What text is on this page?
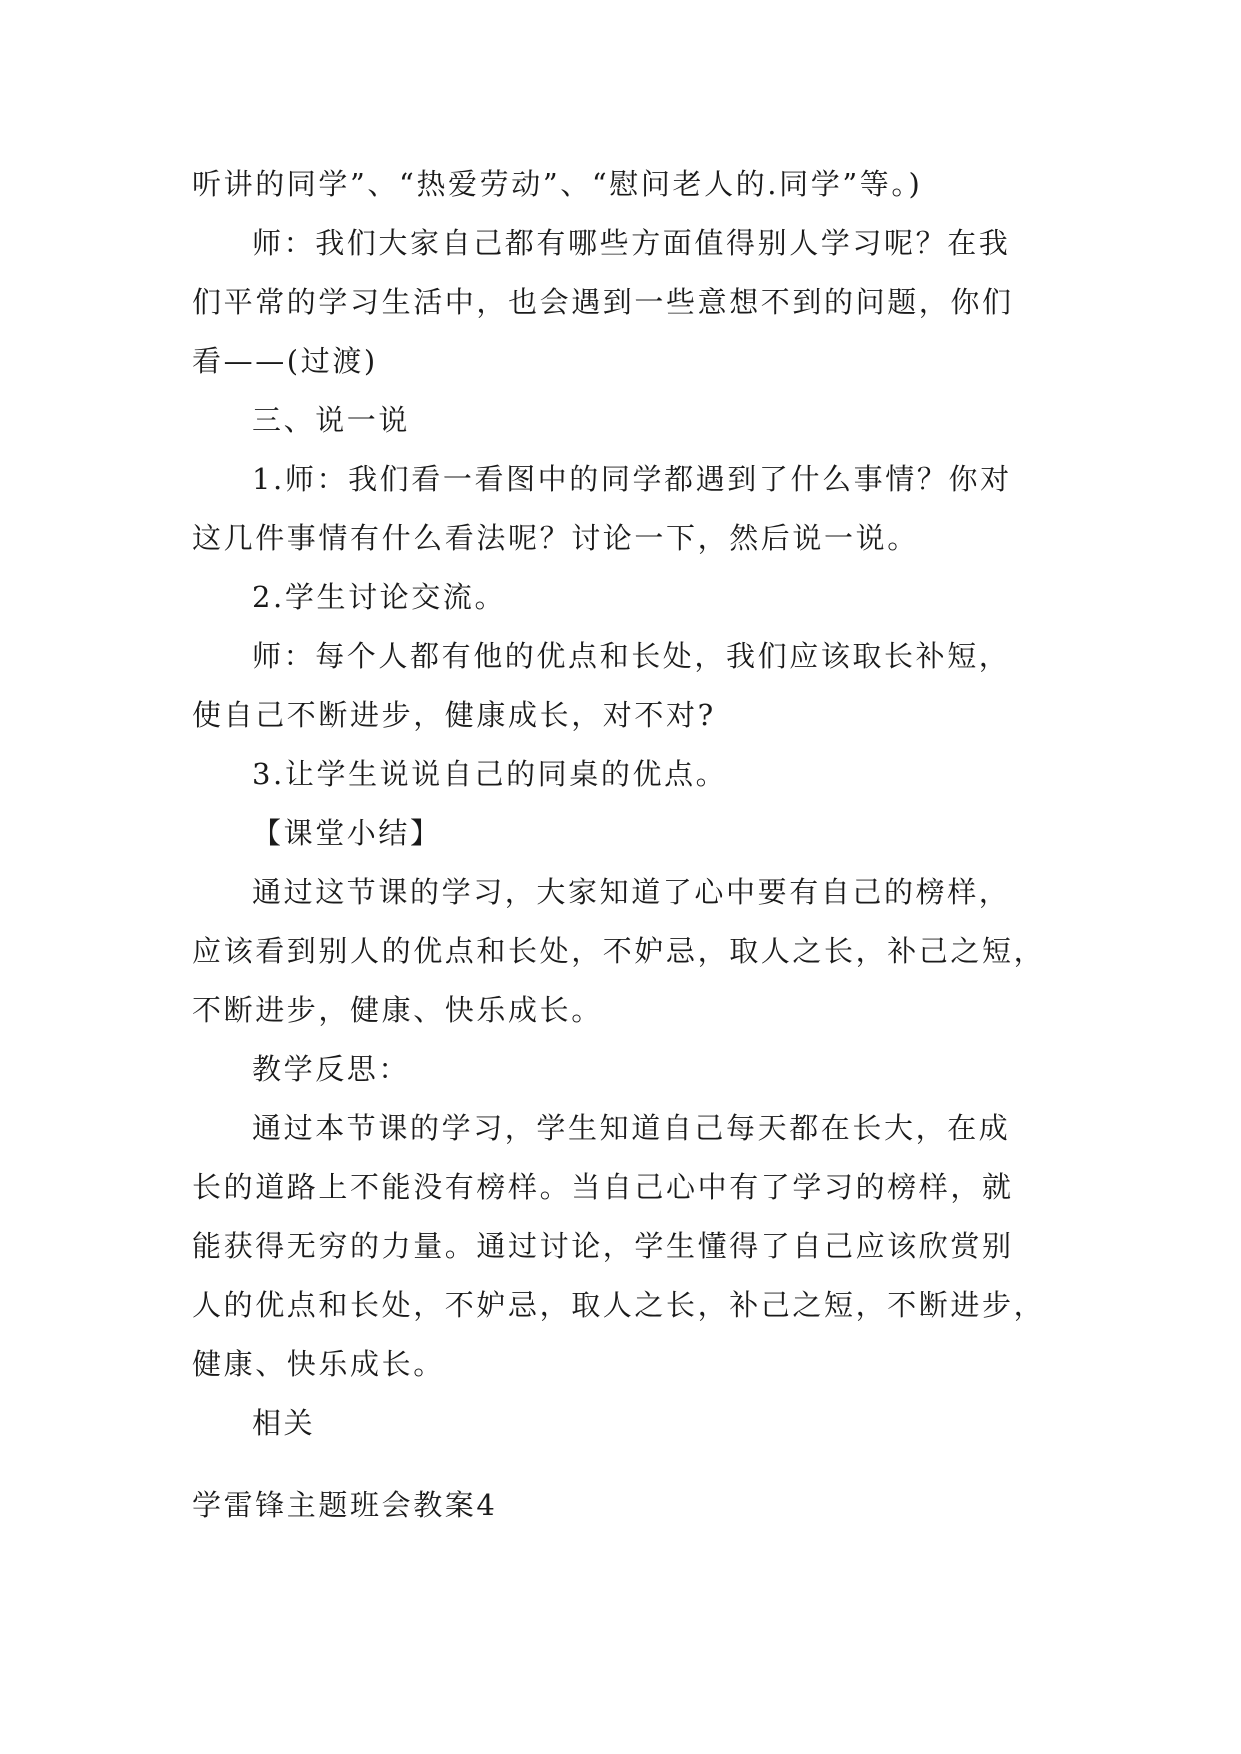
听讲的同学”、“热爱劳动”、“慰问老人的.同学”等。)

师：我们大家自己都有哪些方面值得别人学习呢？在我

们平常的学习生活中，也会遇到一些意想不到的问题，你们

看——(过渡)

三、说一说

1.师：我们看一看图中的同学都遇到了什么事情？你对

这几件事情有什么看法呢？讨论一下，然后说一说。

2.学生讨论交流。

师：每个人都有他的优点和长处，我们应该取长补短，

使自己不断进步，健康成长，对不对?

3.让学生说说自己的同桌的优点。

【课堂小结】

通过这节课的学习，大家知道了心中要有自己的榜样，

应该看到别人的优点和长处，不妒忌，取人之长，补己之短，

不断进步，健康、快乐成长。

教学反思：

通过本节课的学习，学生知道自己每天都在长大，在成

长的道路上不能没有榜样。当自己心中有了学习的榜样，就

能获得无穷的力量。通过讨论，学生懂得了自己应该欣赏别

人的优点和长处，不妒忌，取人之长，补己之短，不断进步，

健康、快乐成长。

相关

学雷锋主题班会教案4
